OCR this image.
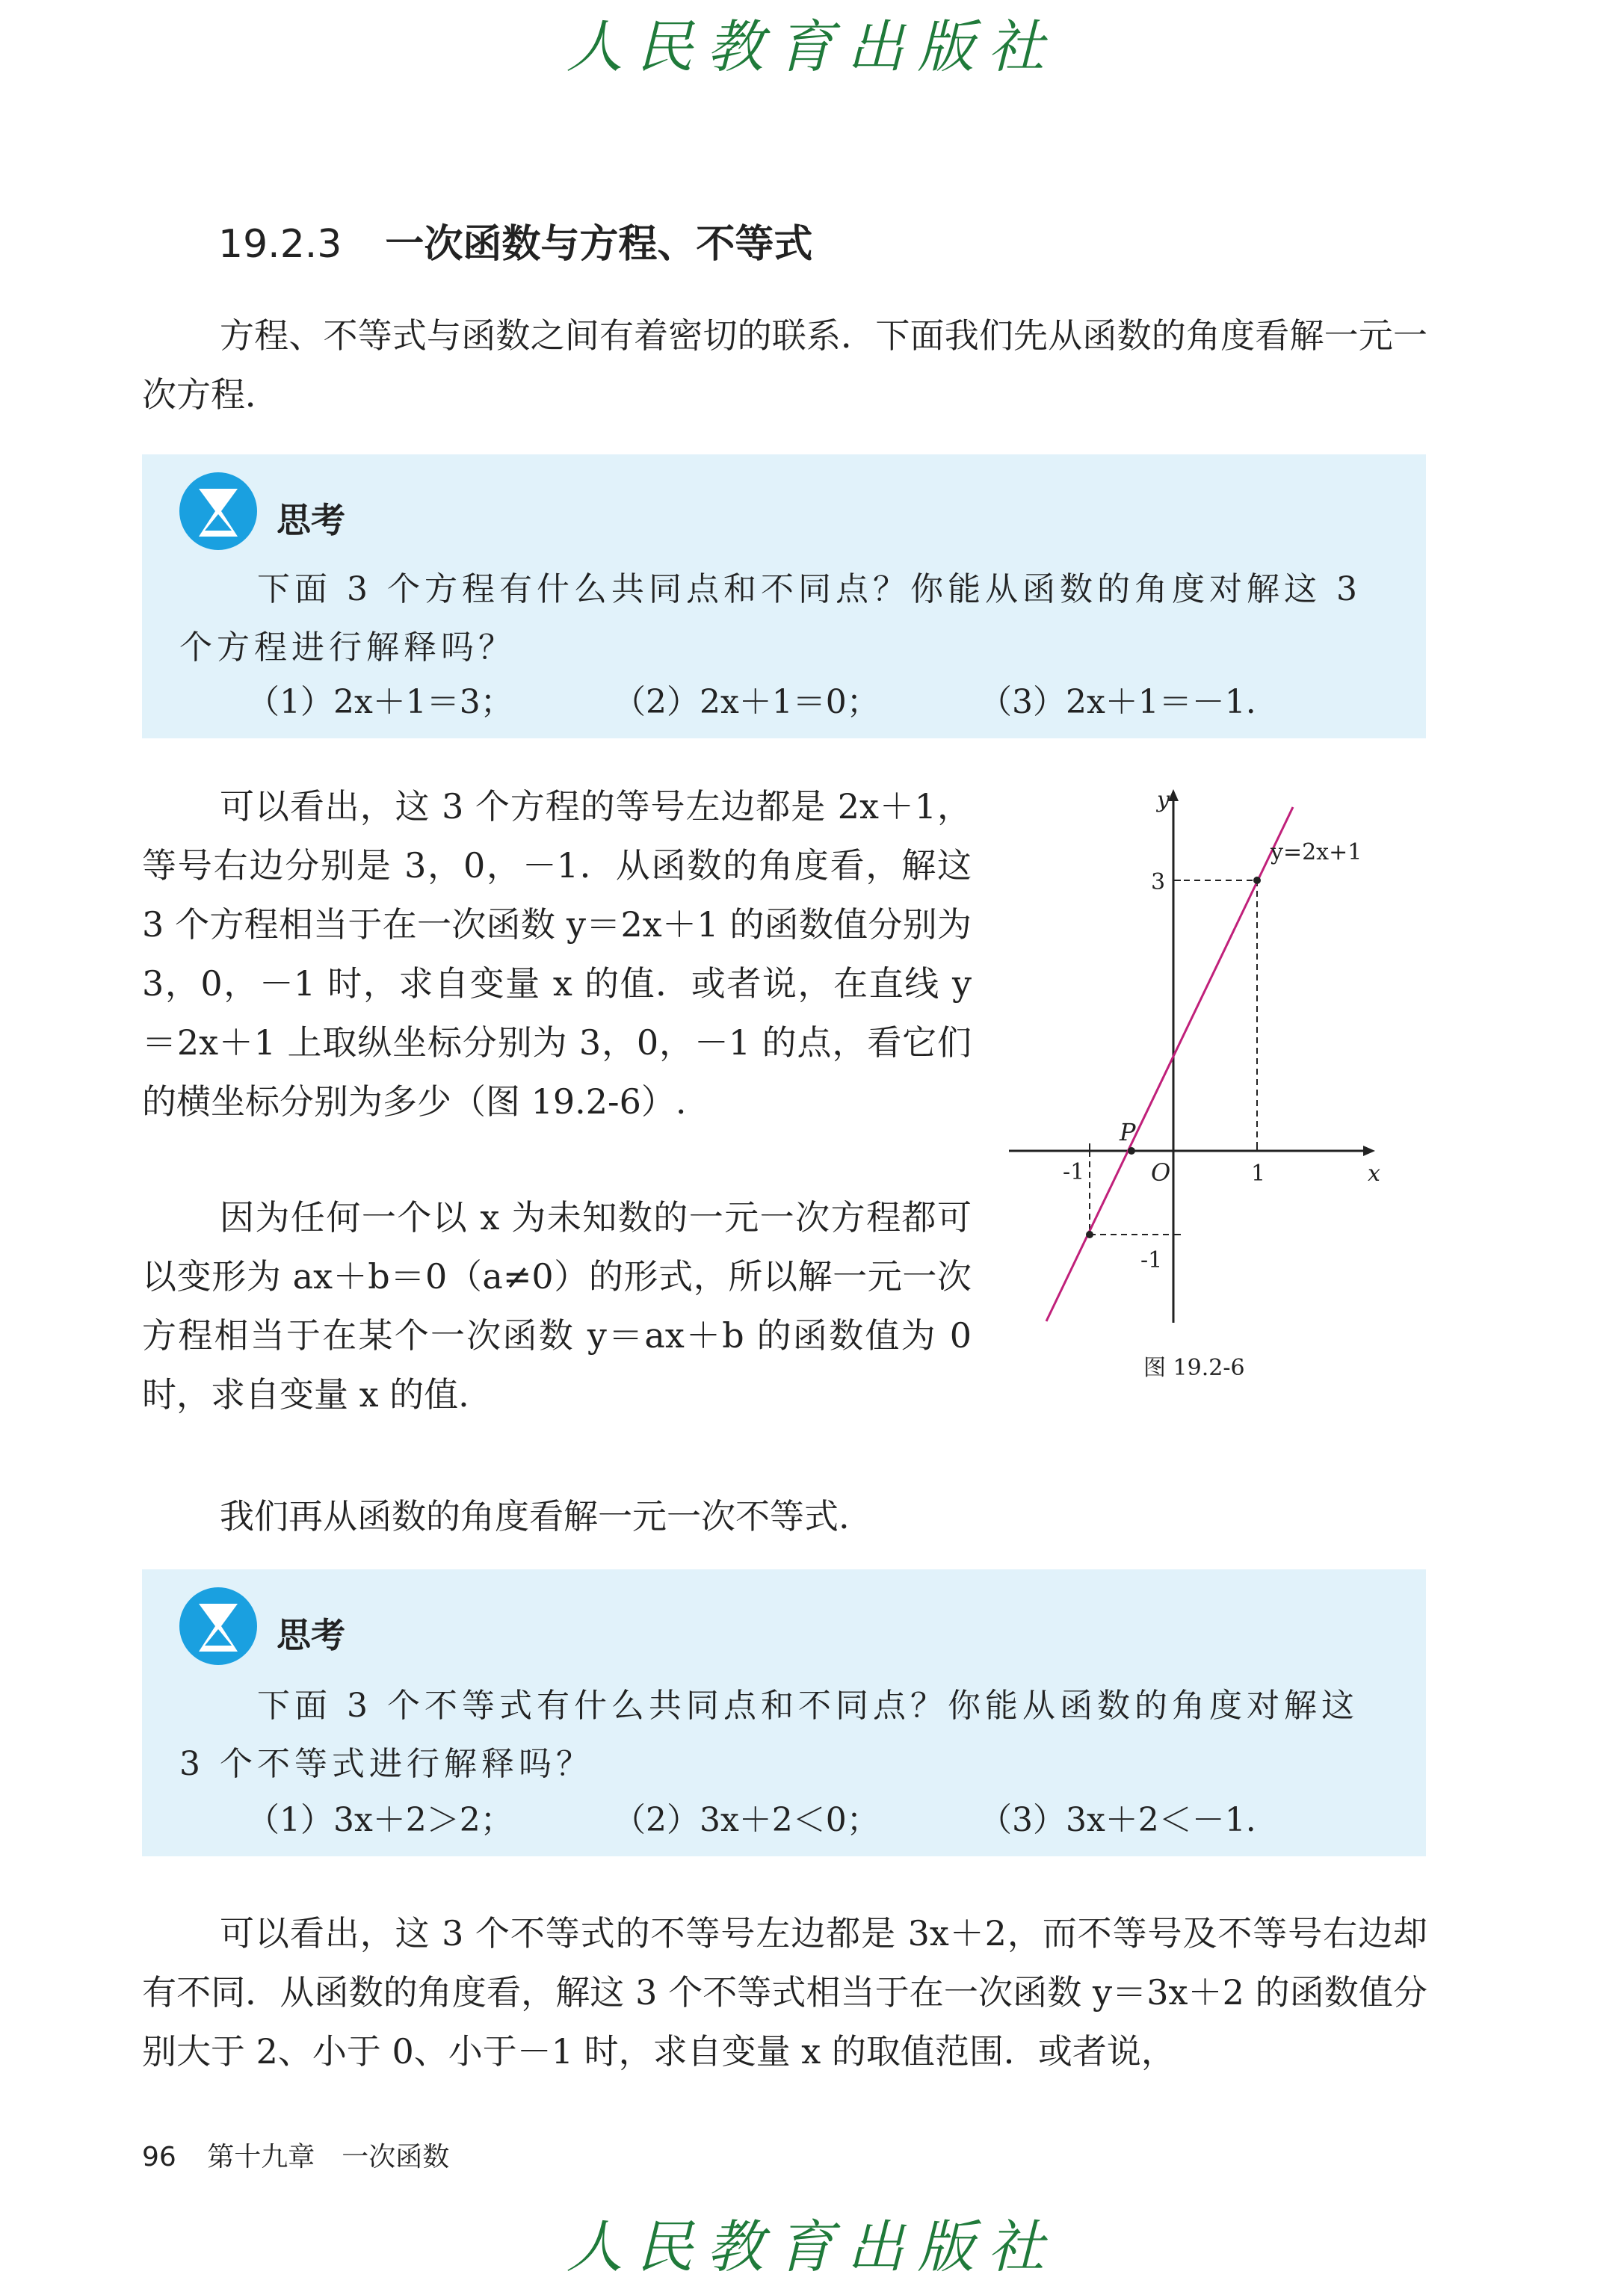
人民教育出版社
19.2.3 一次函数与方程、不等式

方程、不等式与函数之间有着密切的联系．下面我们先从函数的角度看解一元一次方程．

思考

下面 3 个方程有什么共同点和不同点？你能从函数的角度对解这 3 个方程进行解释吗？

（1）2x＋1＝3；	（2）2x＋1＝0；	（3）2x＋1＝－1.

可以看出，这 3 个方程的等号左边都是 2x＋1，等号右边分别是 3，0，－1．从函数的角度看，解这 3 个方程相当于在一次函数 y＝2x＋1 的函数值分别为 3，0，－1 时，求自变量 x 的值．或者说，在直线 y＝2x＋1 上取纵坐标分别为 3，0，－1 的点，看它们的横坐标分别为多少（图 19.2-6）.

因为任何一个以 x 为未知数的一元一次方程都可以变形为 ax＋b＝0（a≠0）的形式，所以解一元一次方程相当于在某个一次函数 y＝ax＋b 的函数值为 0 时，求自变量 x 的值.

y=2x+1
y
x
O
P
-1	1
3
-1
图 19.2-6

我们再从函数的角度看解一元一次不等式.

思考

下面 3 个不等式有什么共同点和不同点？你能从函数的角度对解这 3 个不等式进行解释吗？

（1）3x＋2＞2；	（2）3x＋2＜0；	（3）3x＋2＜－1.

可以看出，这 3 个不等式的不等号左边都是 3x＋2，而不等号及不等号右边却有不同．从函数的角度看，解这 3 个不等式相当于在一次函数 y＝3x＋2 的函数值分别大于 2、小于 0、小于－1 时，求自变量 x 的取值范围．或者说，

96 第十九章　一次函数
人民教育出版社
